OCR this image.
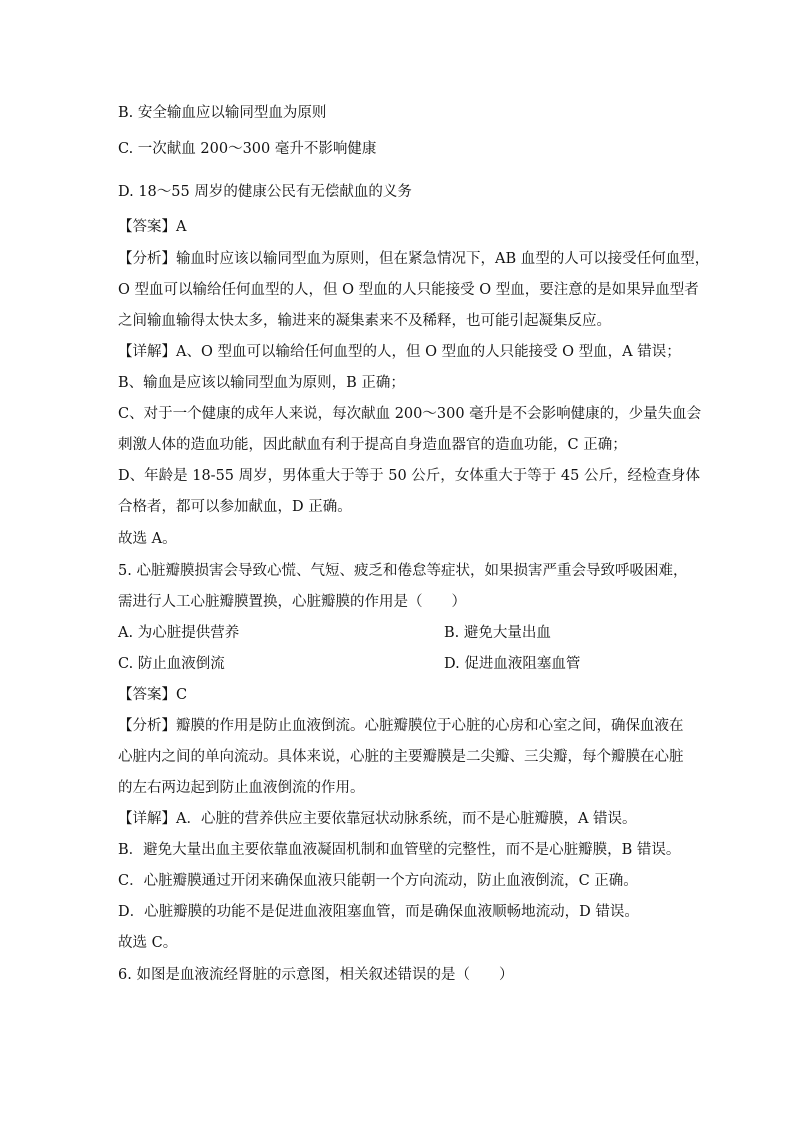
B. 安全输血应以输同型血为原则
C. 一次献血 200～300 毫升不影响健康
D. 18～55 周岁的健康公民有无偿献血的义务
【答案】A
【分析】输血时应该以输同型血为原则，但在紧急情况下，AB 血型的人可以接受任何血型，
O 型血可以输给任何血型的人，但 O 型血的人只能接受 O 型血，要注意的是如果异血型者
之间输血输得太快太多，输进来的凝集素来不及稀释，也可能引起凝集反应。
【详解】A、O 型血可以输给任何血型的人，但 O 型血的人只能接受 O 型血，A 错误；
B、输血是应该以输同型血为原则，B 正确；
C、对于一个健康的成年人来说，每次献血 200～300 毫升是不会影响健康的，少量失血会
刺激人体的造血功能，因此献血有利于提高自身造血器官的造血功能，C 正确；
D、年龄是 18-55 周岁，男体重大于等于 50 公斤，女体重大于等于 45 公斤，经检查身体
合格者，都可以参加献血，D 正确。
故选 A。
5. 心脏瓣膜损害会导致心慌、气短、疲乏和倦怠等症状，如果损害严重会导致呼吸困难，
需进行人工心脏瓣膜置换，心脏瓣膜的作用是（　　）
A. 为心脏提供营养	B. 避免大量出血
C. 防止血液倒流	D. 促进血液阻塞血管
【答案】C
【分析】瓣膜的作用是防止血液倒流。心脏瓣膜位于心脏的心房和心室之间，确保血液在
心脏内之间的单向流动。具体来说，心脏的主要瓣膜是二尖瓣、三尖瓣，每个瓣膜在心脏
的左右两边起到防止血液倒流的作用。
【详解】A．心脏的营养供应主要依靠冠状动脉系统，而不是心脏瓣膜，A 错误。
B．避免大量出血主要依靠血液凝固机制和血管壁的完整性，而不是心脏瓣膜，B 错误。
C．心脏瓣膜通过开闭来确保血液只能朝一个方向流动，防止血液倒流，C 正确。
D．心脏瓣膜的功能不是促进血液阻塞血管，而是确保血液顺畅地流动，D 错误。
故选 C。
6. 如图是血液流经肾脏的示意图，相关叙述错误的是（　　）
